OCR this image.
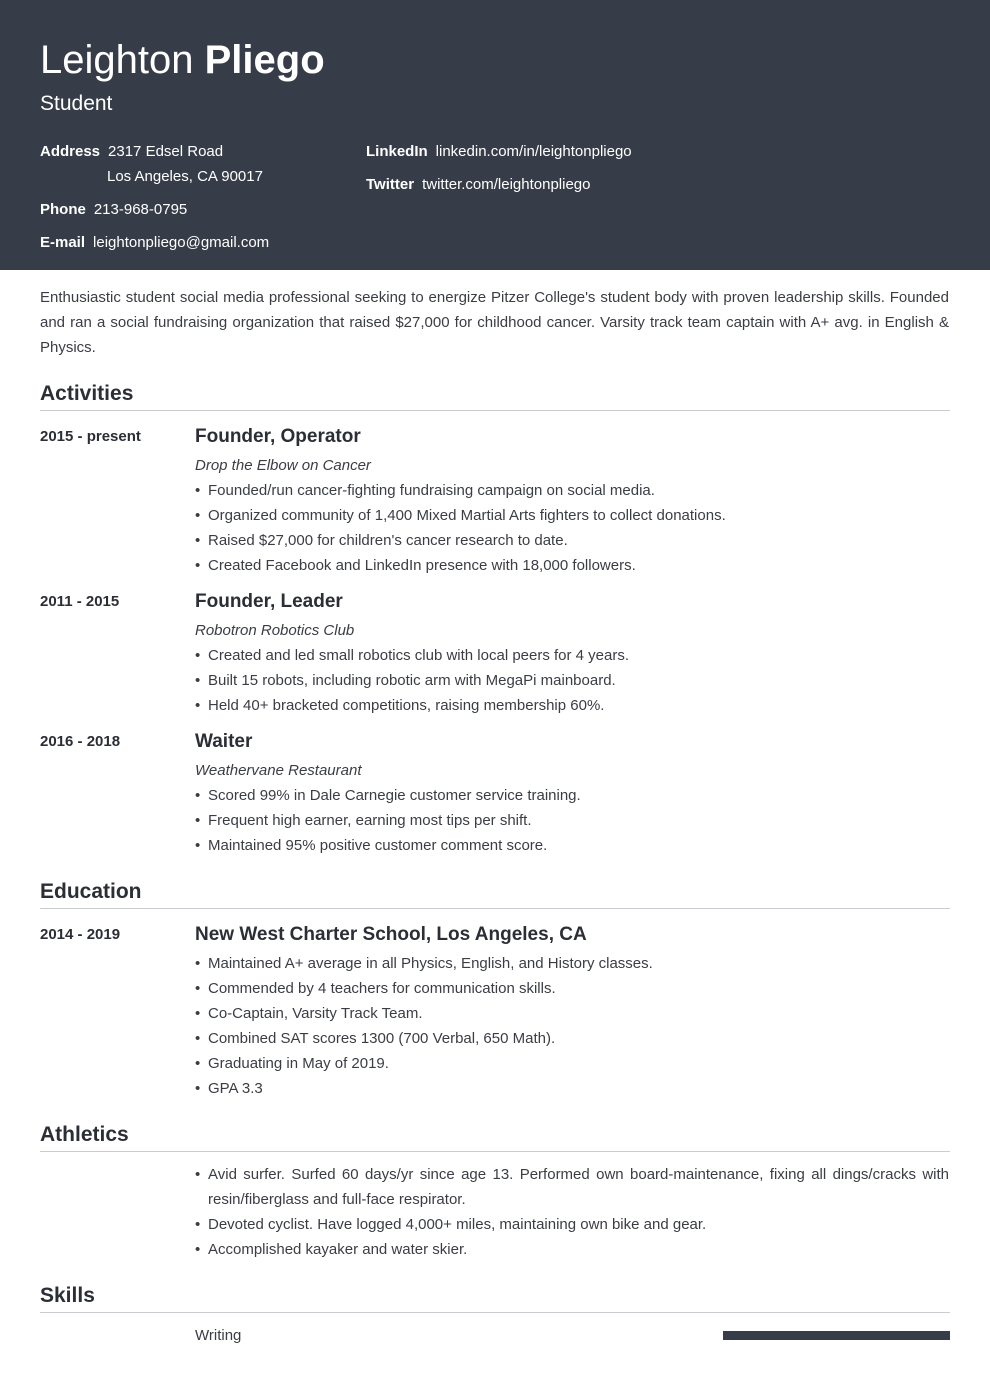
Leighton Pliego
Student
Address 2317 Edsel Road
Los Angeles, CA 90017
Phone 213-968-0795
E-mail leightonpliego@gmail.com
LinkedIn linkedin.com/in/leightonpliego
Twitter twitter.com/leightonpliego
Enthusiastic student social media professional seeking to energize Pitzer College's student body with proven leadership skills. Founded and ran a social fundraising organization that raised $27,000 for childhood cancer. Varsity track team captain with A+ avg. in English & Physics.
Activities
2015 - present	Founder, Operator
Drop the Elbow on Cancer
• Founded/run cancer-fighting fundraising campaign on social media.
• Organized community of 1,400 Mixed Martial Arts fighters to collect donations.
• Raised $27,000 for children's cancer research to date.
• Created Facebook and LinkedIn presence with 18,000 followers.
2011 - 2015	Founder, Leader
Robotron Robotics Club
• Created and led small robotics club with local peers for 4 years.
• Built 15 robots, including robotic arm with MegaPi mainboard.
• Held 40+ bracketed competitions, raising membership 60%.
2016 - 2018	Waiter
Weathervane Restaurant
• Scored 99% in Dale Carnegie customer service training.
• Frequent high earner, earning most tips per shift.
• Maintained 95% positive customer comment score.
Education
2014 - 2019	New West Charter School, Los Angeles, CA
• Maintained A+ average in all Physics, English, and History classes.
• Commended by 4 teachers for communication skills.
• Co-Captain, Varsity Track Team.
• Combined SAT scores 1300 (700 Verbal, 650 Math).
• Graduating in May of 2019.
• GPA 3.3
Athletics
• Avid surfer. Surfed 60 days/yr since age 13. Performed own board-maintenance, fixing all dings/cracks with resin/fiberglass and full-face respirator.
• Devoted cyclist. Have logged 4,000+ miles, maintaining own bike and gear.
• Accomplished kayaker and water skier.
Skills
Writing
